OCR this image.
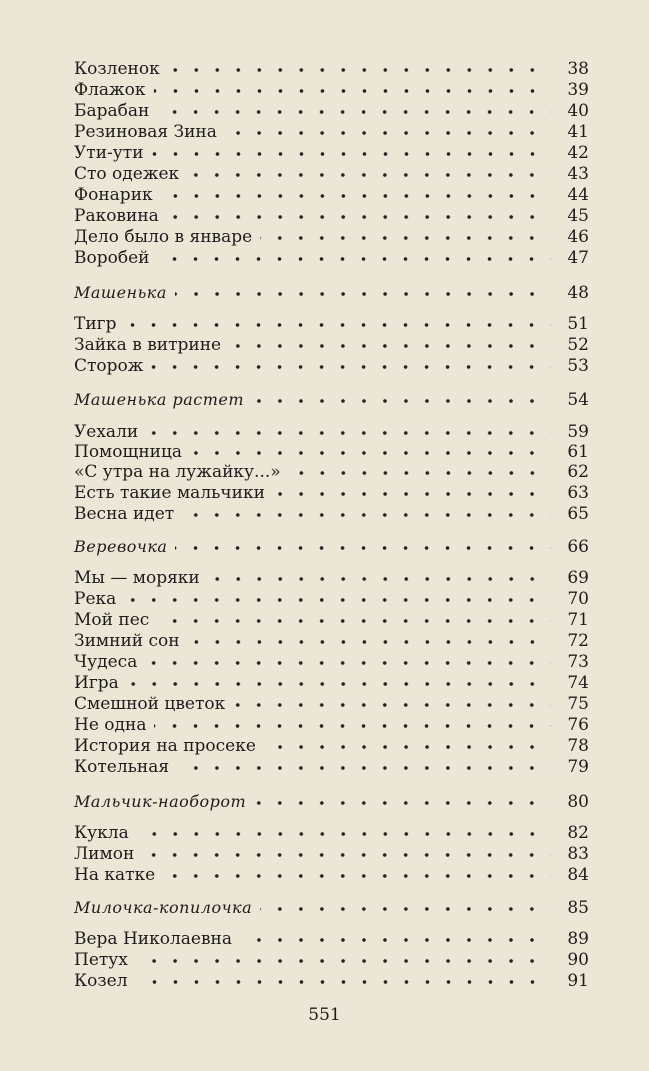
Козленок	38
Флажок	39
Барабан	40
Резиновая Зина	41
Ути-ути	42
Сто одежек	43
Фонарик	44
Раковина	45
Дело было в январе	46
Воробей	47
Машенька	48
Тигр	51
Зайка в витрине	52
Сторож	53
Машенька растет	54
Уехали	59
Помощница	61
«С утра на лужайку...»	62
Есть такие мальчики	63
Весна идет	65
Веревочка	66
Мы — моряки	69
Река	70
Мой пес	71
Зимний сон	72
Чудеса	73
Игра	74
Смешной цветок	75
Не одна	76
История на просеке	78
Котельная	79
Мальчик-наоборот	80
Кукла	82
Лимон	83
На катке	84
Милочка-копилочка	85
Вера Николаевна	89
Петух	90
Козел	91
551
